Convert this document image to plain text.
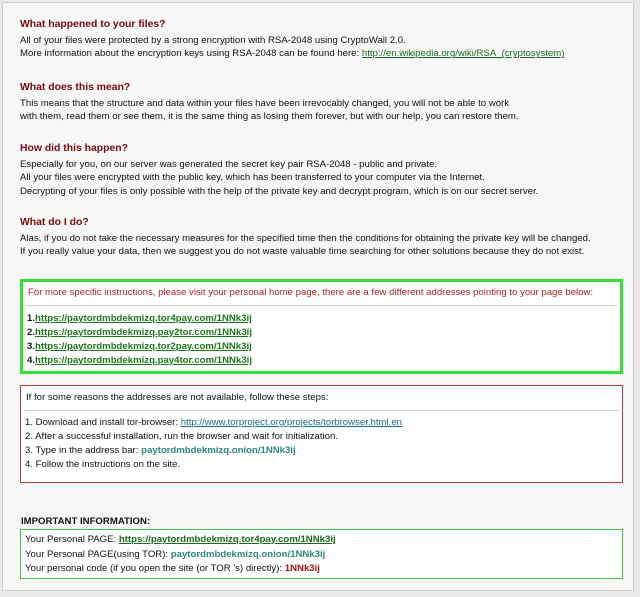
What happened to your files?

All of your files were protected by a strong encryption with RSA-2048 using CryptoWall 2.0.

More information about the encryption keys using RSA-2048 can be found here: http://en.wikipedia.org/wiki/RSA_(cryptosystem)

What does this mean?

This means that the structure and data within your files have been irrevocably changed, you will not be able to work

with them, read them or see them, it is the same thing as losing them forever, but with our help, you can restore them.

How did this happen?

Especially for you, on our server was generated the secret key pair RSA-2048 - public and private.

All your files were encrypted with the public key, which has been transferred to your computer via the Internet.

Decrypting of your files is only possible with the help of the private key and decrypt program, which is on our secret server.

What do I do?

Alas, if you do not take the necessary measures for the specified time then the conditions for obtaining the private key will be changed.

If you really value your data, then we suggest you do not waste valuable time searching for other solutions because they do not exist.

For more specific instructions, please visit your personal home page, there are a few different addresses pointing to your page below:
1.https://paytordmbdekmizq.tor4pay.com/1NNk3ij
2.https://paytordmbdekmizq.pay2tor.com/1NNk3ij
3.https://paytordmbdekmizq.tor2pay.com/1NNk3ij
4.https://paytordmbdekmizq.pay4tor.com/1NNk3ij
If for some reasons the addresses are not available, follow these steps:
1. Download and install tor-browser: http://www.torproject.org/projects/torbrowser.html.en
2. After a successful installation, run the browser and wait for initialization.
3. Type in the address bar: paytordmbdekmizq.onion/1NNk3ij
4. Follow the instructions on the site.
IMPORTANT INFORMATION:
Your Personal PAGE: https://paytordmbdekmizq.tor4pay.com/1NNk3ij
Your Personal PAGE(using TOR): paytordmbdekmizq.onion/1NNk3ij
Your personal code (if you open the site (or TOR 's) directly): 1NNk3ij
